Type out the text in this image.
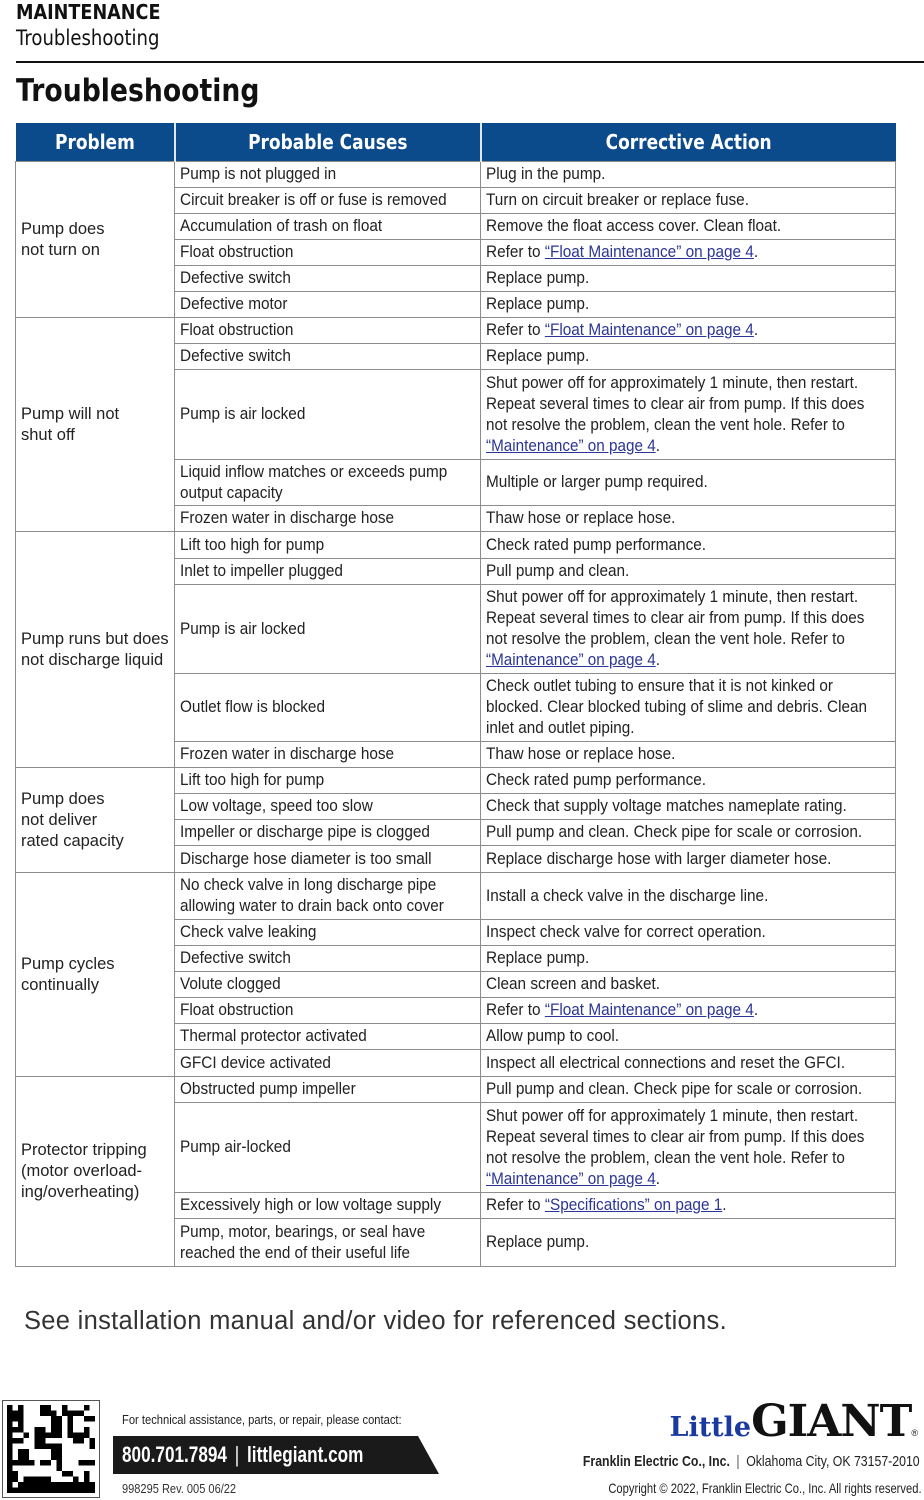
MAINTENANCE
Troubleshooting
Troubleshooting
Problem	Probable Causes	Corrective Action

Pump does not turn on	Pump is not plugged in	Plug in the pump.
	Circuit breaker is off or fuse is removed	Turn on circuit breaker or replace fuse.
	Accumulation of trash on float	Remove the float access cover. Clean float.
	Float obstruction	Refer to “Float Maintenance” on page 4.
	Defective switch	Replace pump.
	Defective motor	Replace pump.

Pump will not shut off	Float obstruction	Refer to “Float Maintenance” on page 4.
	Defective switch	Replace pump.
	Pump is air locked	Shut power off for approximately 1 minute, then restart. Repeat several times to clear air from pump. If this does not resolve the problem, clean the vent hole. Refer to “Maintenance” on page 4.

	Liquid inflow matches or exceeds pump output capacity	Multiple or larger pump required.
	Frozen water in discharge hose	Thaw hose or replace hose.

Pump runs but does not discharge liquid	Lift too high for pump	Check rated pump performance.
	Inlet to impeller plugged	Pull pump and clean.
	Pump is air locked	Shut power off for approximately 1 minute, then restart. Repeat several times to clear air from pump. If this does not resolve the problem, clean the vent hole. Refer to “Maintenance” on page 4.

	Outlet flow is blocked	Check outlet tubing to ensure that it is not kinked or blocked. Clear blocked tubing of slime and debris. Clean inlet and outlet piping.

	Frozen water in discharge hose	Thaw hose or replace hose.

Pump does not deliver rated capacity	Lift too high for pump	Check rated pump performance.
	Low voltage, speed too slow	Check that supply voltage matches nameplate rating.
	Impeller or discharge pipe is clogged	Pull pump and clean. Check pipe for scale or corrosion.
	Discharge hose diameter is too small	Replace discharge hose with larger diameter hose.

Pump cycles continually	No check valve in long discharge pipe allowing water to drain back onto cover	Install a check valve in the discharge line.
	Check valve leaking	Inspect check valve for correct operation.
	Defective switch	Replace pump.
	Volute clogged	Clean screen and basket.
	Float obstruction	Refer to “Float Maintenance” on page 4.
	Thermal protector activated	Allow pump to cool.
	GFCI device activated	Inspect all electrical connections and reset the GFCI.

Protector tripping (motor overload-ing/overheating)	Obstructed pump impeller	Pull pump and clean. Check pipe for scale or corrosion.
	Pump air-locked	Shut power off for approximately 1 minute, then restart. Repeat several times to clear air from pump. If this does not resolve the problem, clean the vent hole. Refer to “Maintenance” on page 4.

	Excessively high or low voltage supply	Refer to “Specifications” on page 1.

	Pump, motor, bearings, or seal have reached the end of their useful life	Replace pump.
See installation manual and/or video for referenced sections.
For technical assistance, parts, or repair, please contact:
800.701.7894 | littlegiant.com
998295 Rev. 005 06/22
LittleGIANT®
Franklin Electric Co., Inc. | Oklahoma City, OK 73157-2010
Copyright © 2022, Franklin Electric Co., Inc. All rights reserved.
